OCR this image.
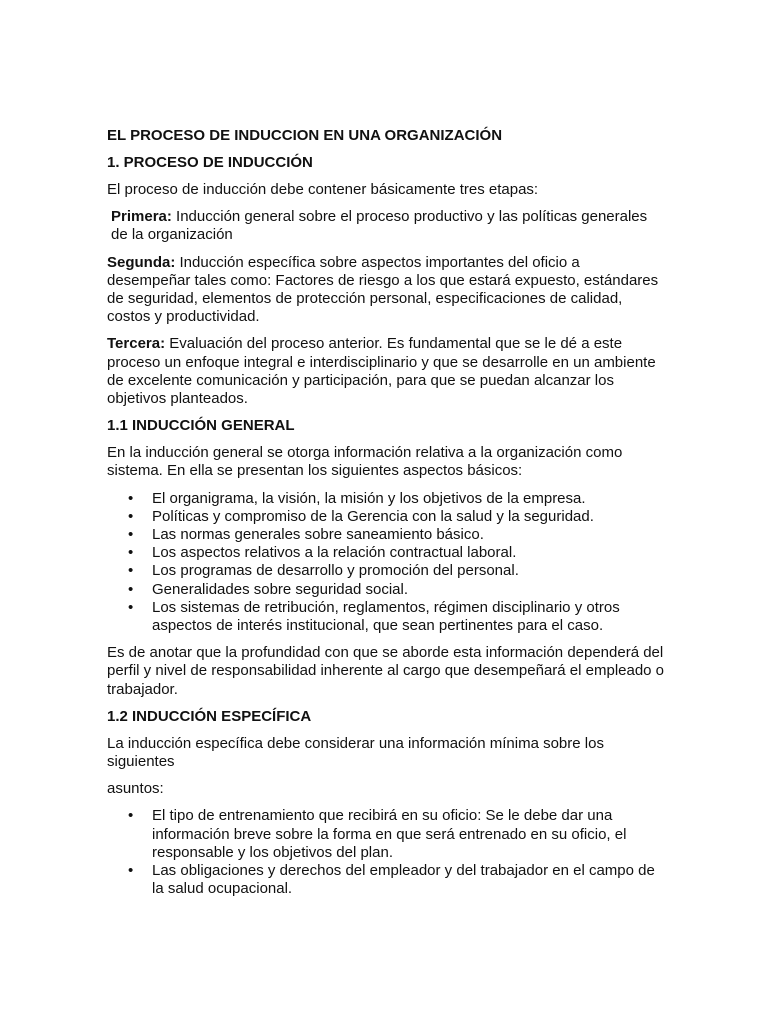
EL PROCESO DE INDUCCION EN UNA ORGANIZACIÓN
1. PROCESO DE INDUCCIÓN
El proceso de inducción debe contener básicamente tres etapas:
Primera: Inducción general sobre el proceso productivo y las políticas generales de la organización
Segunda: Inducción específica sobre aspectos importantes del oficio a desempeñar tales como: Factores de riesgo a los que estará expuesto, estándares de seguridad, elementos de protección personal, especificaciones de calidad, costos y productividad.
Tercera: Evaluación del proceso anterior. Es fundamental que se le dé a este proceso un enfoque integral e interdisciplinario y que se desarrolle en un ambiente de excelente comunicación y participación, para que se puedan alcanzar los objetivos planteados.
1.1 INDUCCIÓN GENERAL
En la inducción general se otorga información relativa a la organización como sistema. En ella se presentan los siguientes aspectos básicos:
• El organigrama, la visión, la misión y los objetivos de la empresa.
• Políticas y compromiso de la Gerencia con la salud y la seguridad.
• Las normas generales sobre saneamiento básico.
• Los aspectos relativos a la relación contractual laboral.
• Los programas de desarrollo y promoción del personal.
• Generalidades sobre seguridad social.
• Los sistemas de retribución, reglamentos, régimen disciplinario y otros aspectos de interés institucional, que sean pertinentes para el caso.
Es de anotar que la profundidad con que se aborde esta información dependerá del perfil y nivel de responsabilidad inherente al cargo que desempeñará el empleado o trabajador.
1.2 INDUCCIÓN ESPECÍFICA
La inducción específica debe considerar una información mínima sobre los siguientes
asuntos:
• El tipo de entrenamiento que recibirá en su oficio: Se le debe dar una información breve sobre la forma en que será entrenado en su oficio, el responsable y los objetivos del plan.
• Las obligaciones y derechos del empleador y del trabajador en el campo de la salud ocupacional.
